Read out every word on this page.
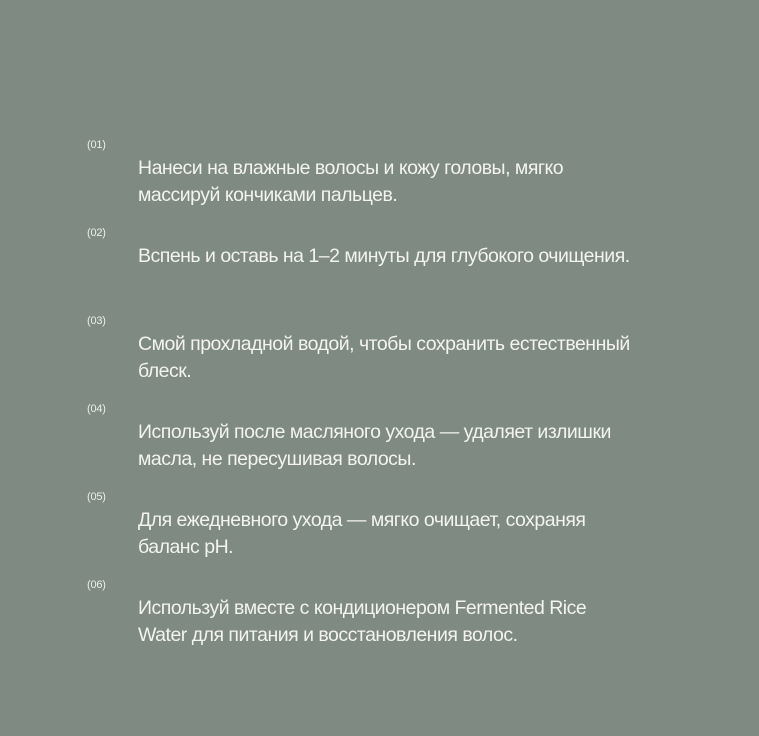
(01)
Нанеси на влажные волосы и кожу головы, мягко массируй кончиками пальцев.
(02)
Вспень и оставь на 1–2 минуты для глубокого очищения.
(03)
Смой прохладной водой, чтобы сохранить естественный блеск.
(04)
Используй после масляного ухода — удаляет излишки масла, не пересушивая волосы.
(05)
Для ежедневного ухода — мягко очищает, сохраняя баланс pH.
(06)
Используй вместе с кондиционером Fermented Rice Water для питания и восстановления волос.
